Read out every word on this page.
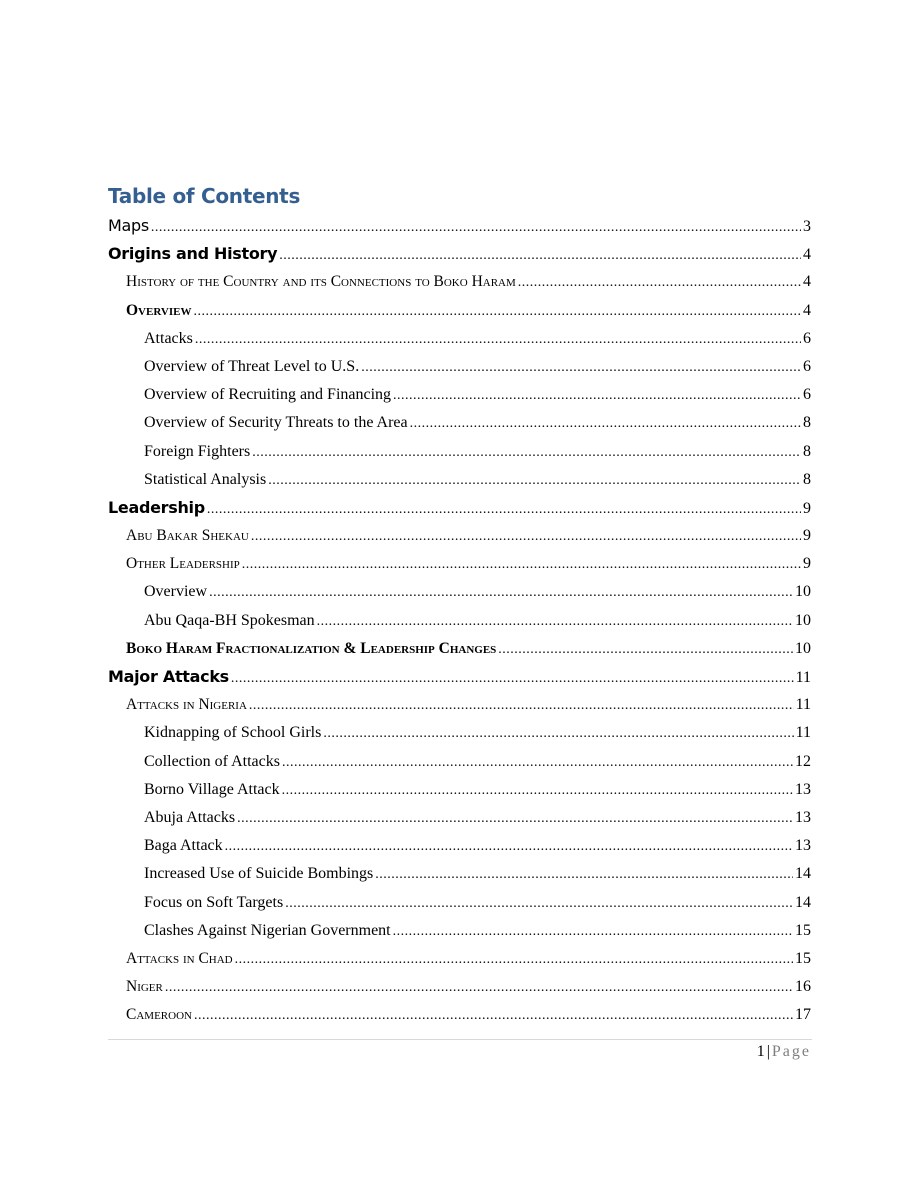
Table of Contents
Maps .....	3
Origins and History .....	4
History of the Country and its Connections to Boko Haram .....	4
Overview .....	4
Attacks .....	6
Overview of Threat Level to U.S. .....	6
Overview of Recruiting and Financing .....	6
Overview of Security Threats to the Area .....	8
Foreign Fighters .....	8
Statistical Analysis .....	8
Leadership .....	9
Abu Bakar Shekau .....	9
Other Leadership .....	9
Overview .....	10
Abu Qaqa-BH Spokesman .....	10
Boko Haram Fractionalization & Leadership Changes .....	10
Major Attacks .....	11
Attacks in Nigeria .....	11
Kidnapping of School Girls .....	11
Collection of Attacks .....	12
Borno Village Attack .....	13
Abuja Attacks .....	13
Baga Attack .....	13
Increased Use of Suicide Bombings .....	14
Focus on Soft Targets .....	14
Clashes Against Nigerian Government .....	15
Attacks in Chad .....	15
Niger .....	16
Cameroon .....	17
1 | Page
